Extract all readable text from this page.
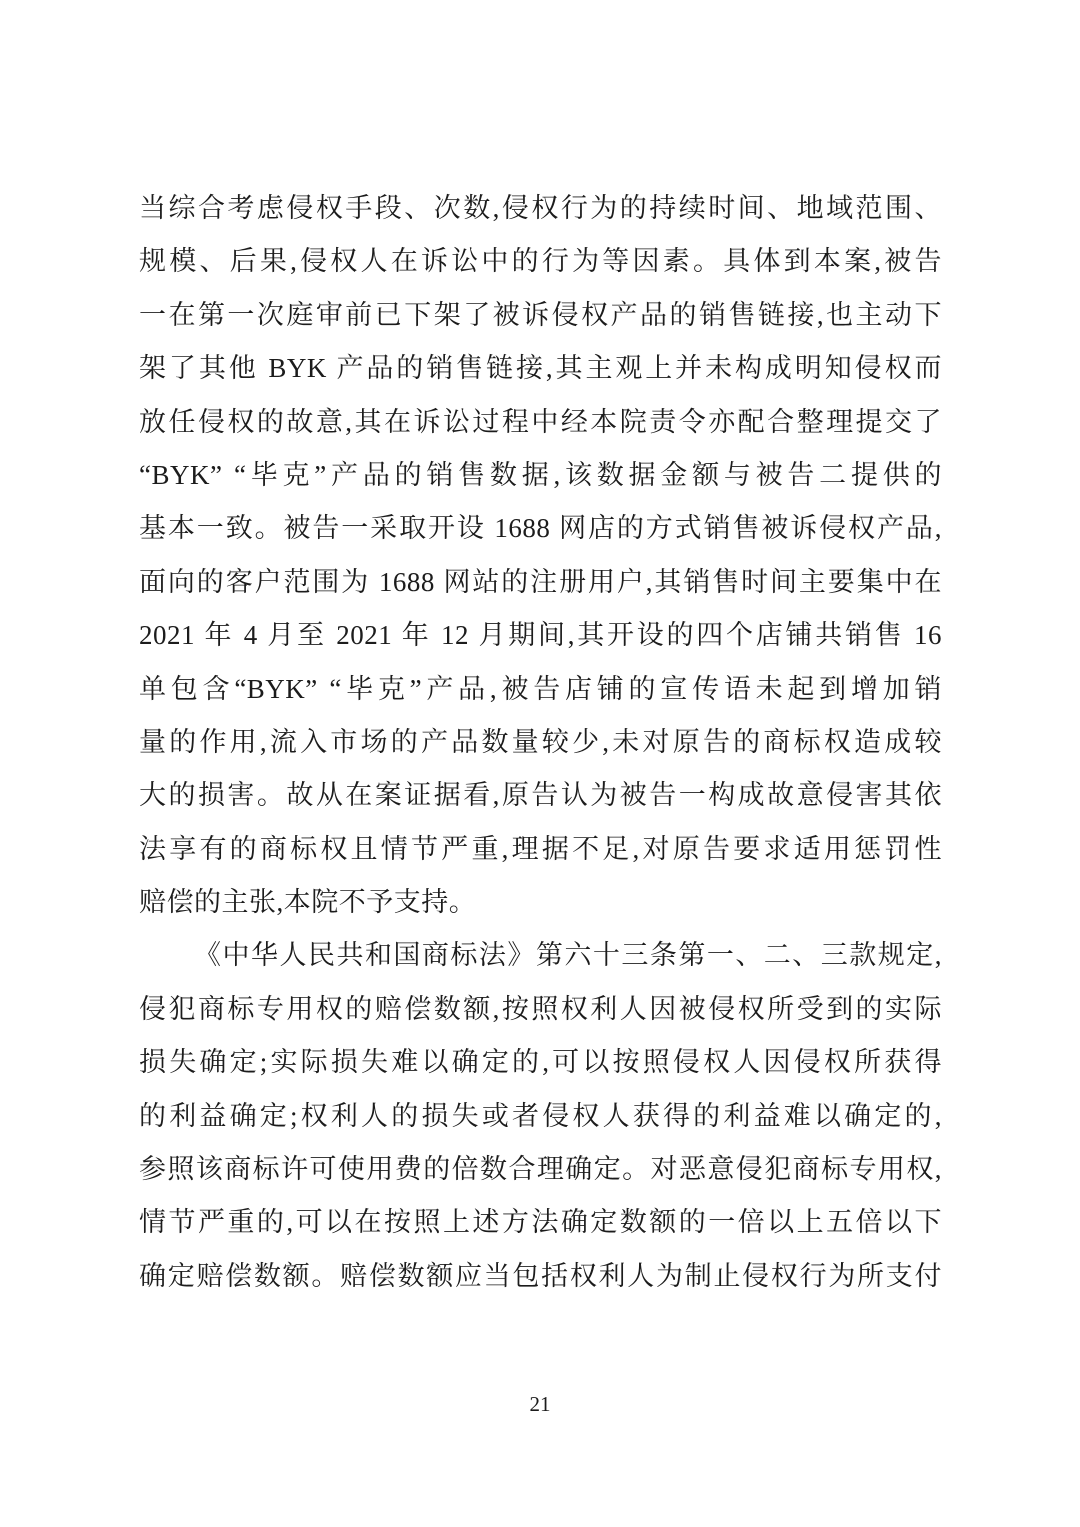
当综合考虑侵权手段、次数,侵权行为的持续时间、地域范围、
规模、后果,侵权人在诉讼中的行为等因素。具体到本案,被告
一在第一次庭审前已下架了被诉侵权产品的销售链接,也主动下
架了其他 BYK 产品的销售链接,其主观上并未构成明知侵权而
放任侵权的故意,其在诉讼过程中经本院责令亦配合整理提交了
“BYK” “毕克”产品的销售数据,该数据金额与被告二提供的
基本一致。被告一采取开设 1688 网店的方式销售被诉侵权产品,
面向的客户范围为 1688 网站的注册用户,其销售时间主要集中在
2021 年 4 月至 2021 年 12 月期间,其开设的四个店铺共销售 16
单包含“BYK” “毕克”产品,被告店铺的宣传语未起到增加销
量的作用,流入市场的产品数量较少,未对原告的商标权造成较
大的损害。故从在案证据看,原告认为被告一构成故意侵害其依
法享有的商标权且情节严重,理据不足,对原告要求适用惩罚性
赔偿的主张,本院不予支持。
《中华人民共和国商标法》第六十三条第一、二、三款规定,
侵犯商标专用权的赔偿数额,按照权利人因被侵权所受到的实际
损失确定;实际损失难以确定的,可以按照侵权人因侵权所获得
的利益确定;权利人的损失或者侵权人获得的利益难以确定的,
参照该商标许可使用费的倍数合理确定。对恶意侵犯商标专用权,
情节严重的,可以在按照上述方法确定数额的一倍以上五倍以下
确定赔偿数额。赔偿数额应当包括权利人为制止侵权行为所支付
21
